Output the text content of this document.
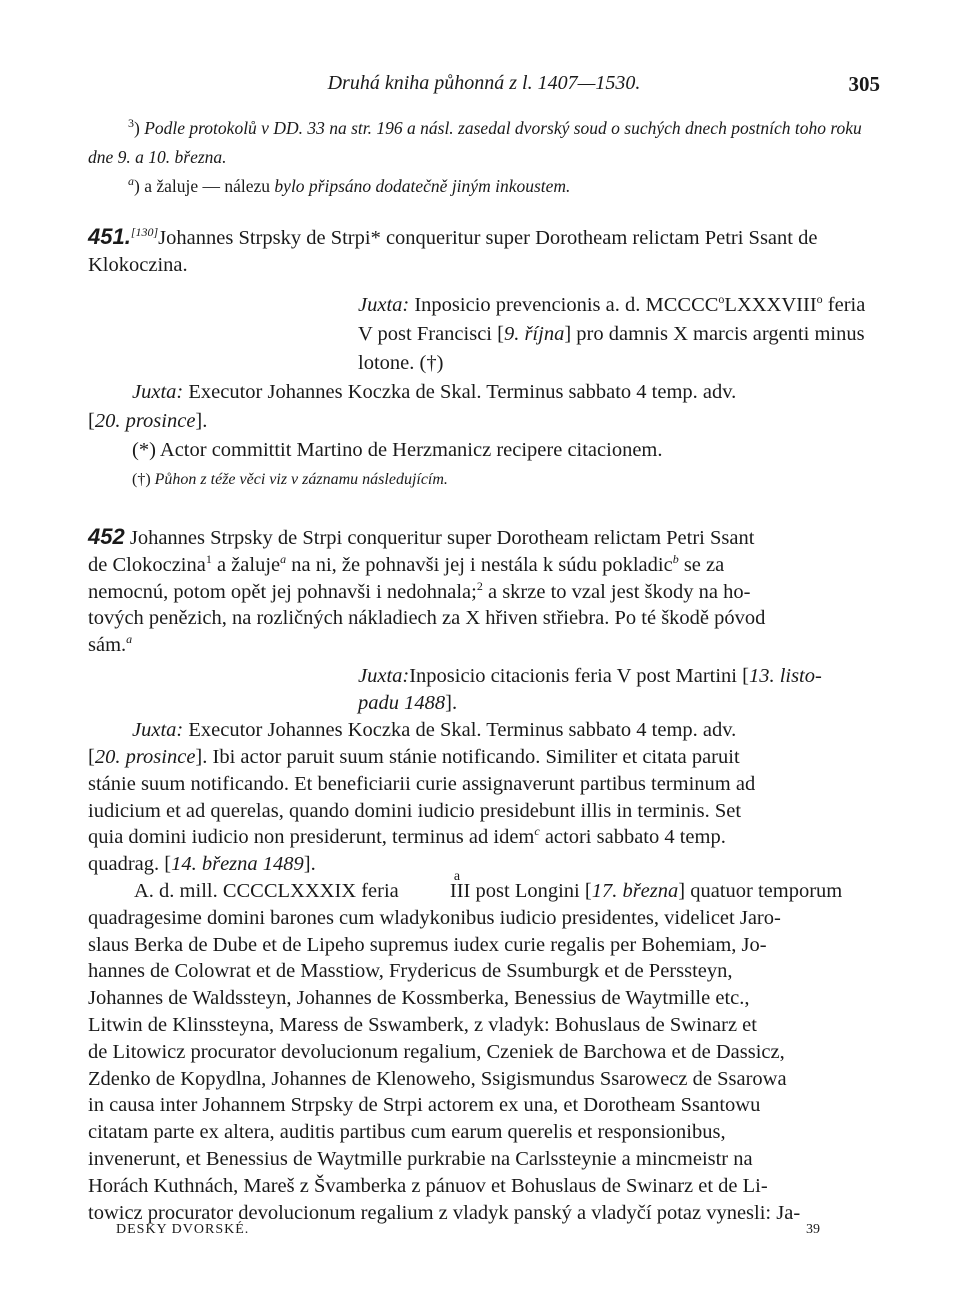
Druhá kniha půhonná z l. 1407—1530.	305
$^3$) Podle protokolů v DD. 33 na str. 196 a násl. zasedal dvorský soud o suchých dnech postních toho roku dne 9. a 10. března.
$^a$) a žaluje — nálezu bylo připsáno dodatečně jiným inkoustem.
451.[130]Johannes Strpsky de Strpi* conqueritur super Dorotheam relictam Petri Ssant de Klokoczina.
Juxta: Inposicio prevencionis a. d. MCCCC$^o$LXXXVIII$^o$ feria V post Francisci [9. října] pro damnis X marcis argenti minus lotone. (†)
Juxta: Executor Johannes Koczka de Skal. Terminus sabbato 4 temp. adv.
[20. prosince].
(*) Actor committit Martino de Herzmanicz recipere citacionem.
(†) Půhon z téže věci viz v záznamu následujícím.
452 Johannes Strpsky de Strpi conqueritur super Dorotheam relictam Petri Ssant
de Clokoczina$^1$ a žaluje$^a$ na ni, že pohnavši jej i nestála k súdu pokladic$^b$ se za
nemocnú, potom opět jej pohnavši i nedohnala;$^2$ a skrze to vzal jest škody na ho-
tových penězich, na rozličných nákladiech za X hřiven střiebra. Po té škodě póvod
sám.$^a$
Juxta:Inposicio citacionis feria V post Martini [13. listo-
padu 1488].
Juxta: Executor Johannes Koczka de Skal. Terminus sabbato 4 temp. adv.
[20. prosince]. Ibi actor paruit suum stánie notificando. Similiter et citata paruit
stánie suum notificando. Et beneficiarii curie assignaverunt partibus terminum ad
iudicium et ad querelas, quando domini iudicio presidebunt illis in terminis. Set
quia domini iudicio non presiderunt, terminus ad idem$^c$ actori sabbato 4 temp.
quadrag. [14. března 1489].
A. d. mill. CCCCLXXXIX feria
a
III post Longini [17. března] quatuor temporum
quadragesime domini barones cum wladykonibus iudicio presidentes, videlicet Jaro-
slaus Berka de Dube et de Lipeho supremus iudex curie regalis per Bohemiam, Jo-
hannes de Colowrat et de Masstiow, Frydericus de Ssumburgk et de Perssteyn,
Johannes de Waldssteyn, Johannes de Kossmberka, Benessius de Waytmille etc.,
Litwin de Klinssteyna, Maress de Sswamberk, z vladyk: Bohuslaus de Swinarz et
de Litowicz procurator devolucionum regalium, Czeniek de Barchowa et de Dassicz,
Zdenko de Kopydlna, Johannes de Klenoweho, Ssigismundus Ssarowecz de Ssarowa
in causa inter Johannem Strpsky de Strpi actorem ex una, et Dorotheam Ssantowu
citatam parte ex altera, auditis partibus cum earum querelis et responsionibus,
invenerunt, et Benessius de Waytmille purkrabie na Carlssteynie a mincmeistr na
Horách Kuthnách, Mareš z Švamberka z pánuov et Bohuslaus de Swinarz et de Li-
towicz procurator devolucionum regalium z vladyk panský a vladyčí potaz vynesli: Ja-
DESKY DVORSKÉ.	39
